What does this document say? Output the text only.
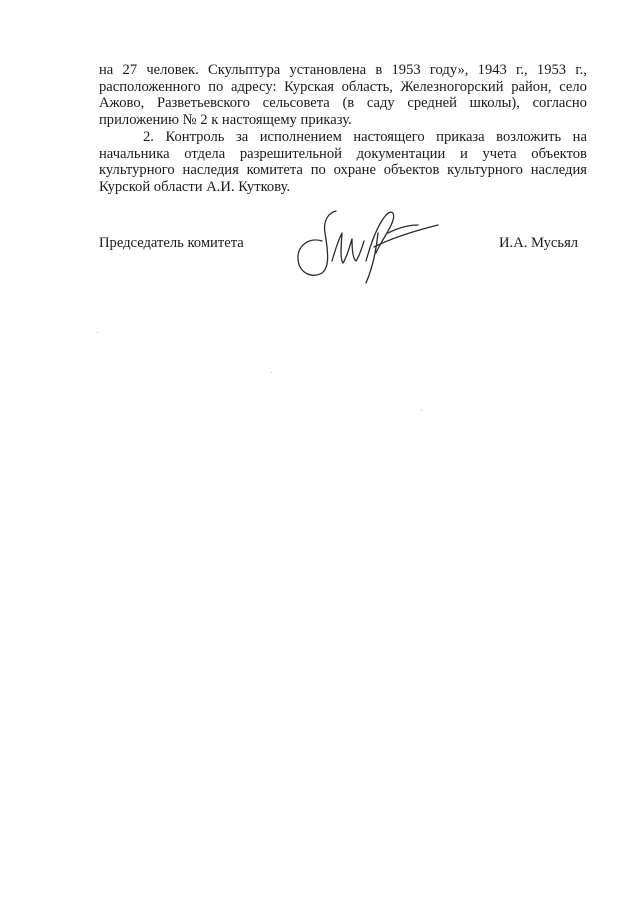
на 27 человек. Скульптура установлена в 1953 году», 1943 г., 1953 г.,
расположенного по адресу: Курская область, Железногорский район, село
Ажово, Разветьевского сельсовета (в саду средней школы), согласно
приложению № 2 к настоящему приказу.
2. Контроль за исполнением настоящего приказа возложить на
начальника отдела разрешительной документации и учета объектов
культурного наследия комитета по охране объектов культурного наследия
Курской области А.И. Куткову.
Председатель комитета	И.А. Мусьял
